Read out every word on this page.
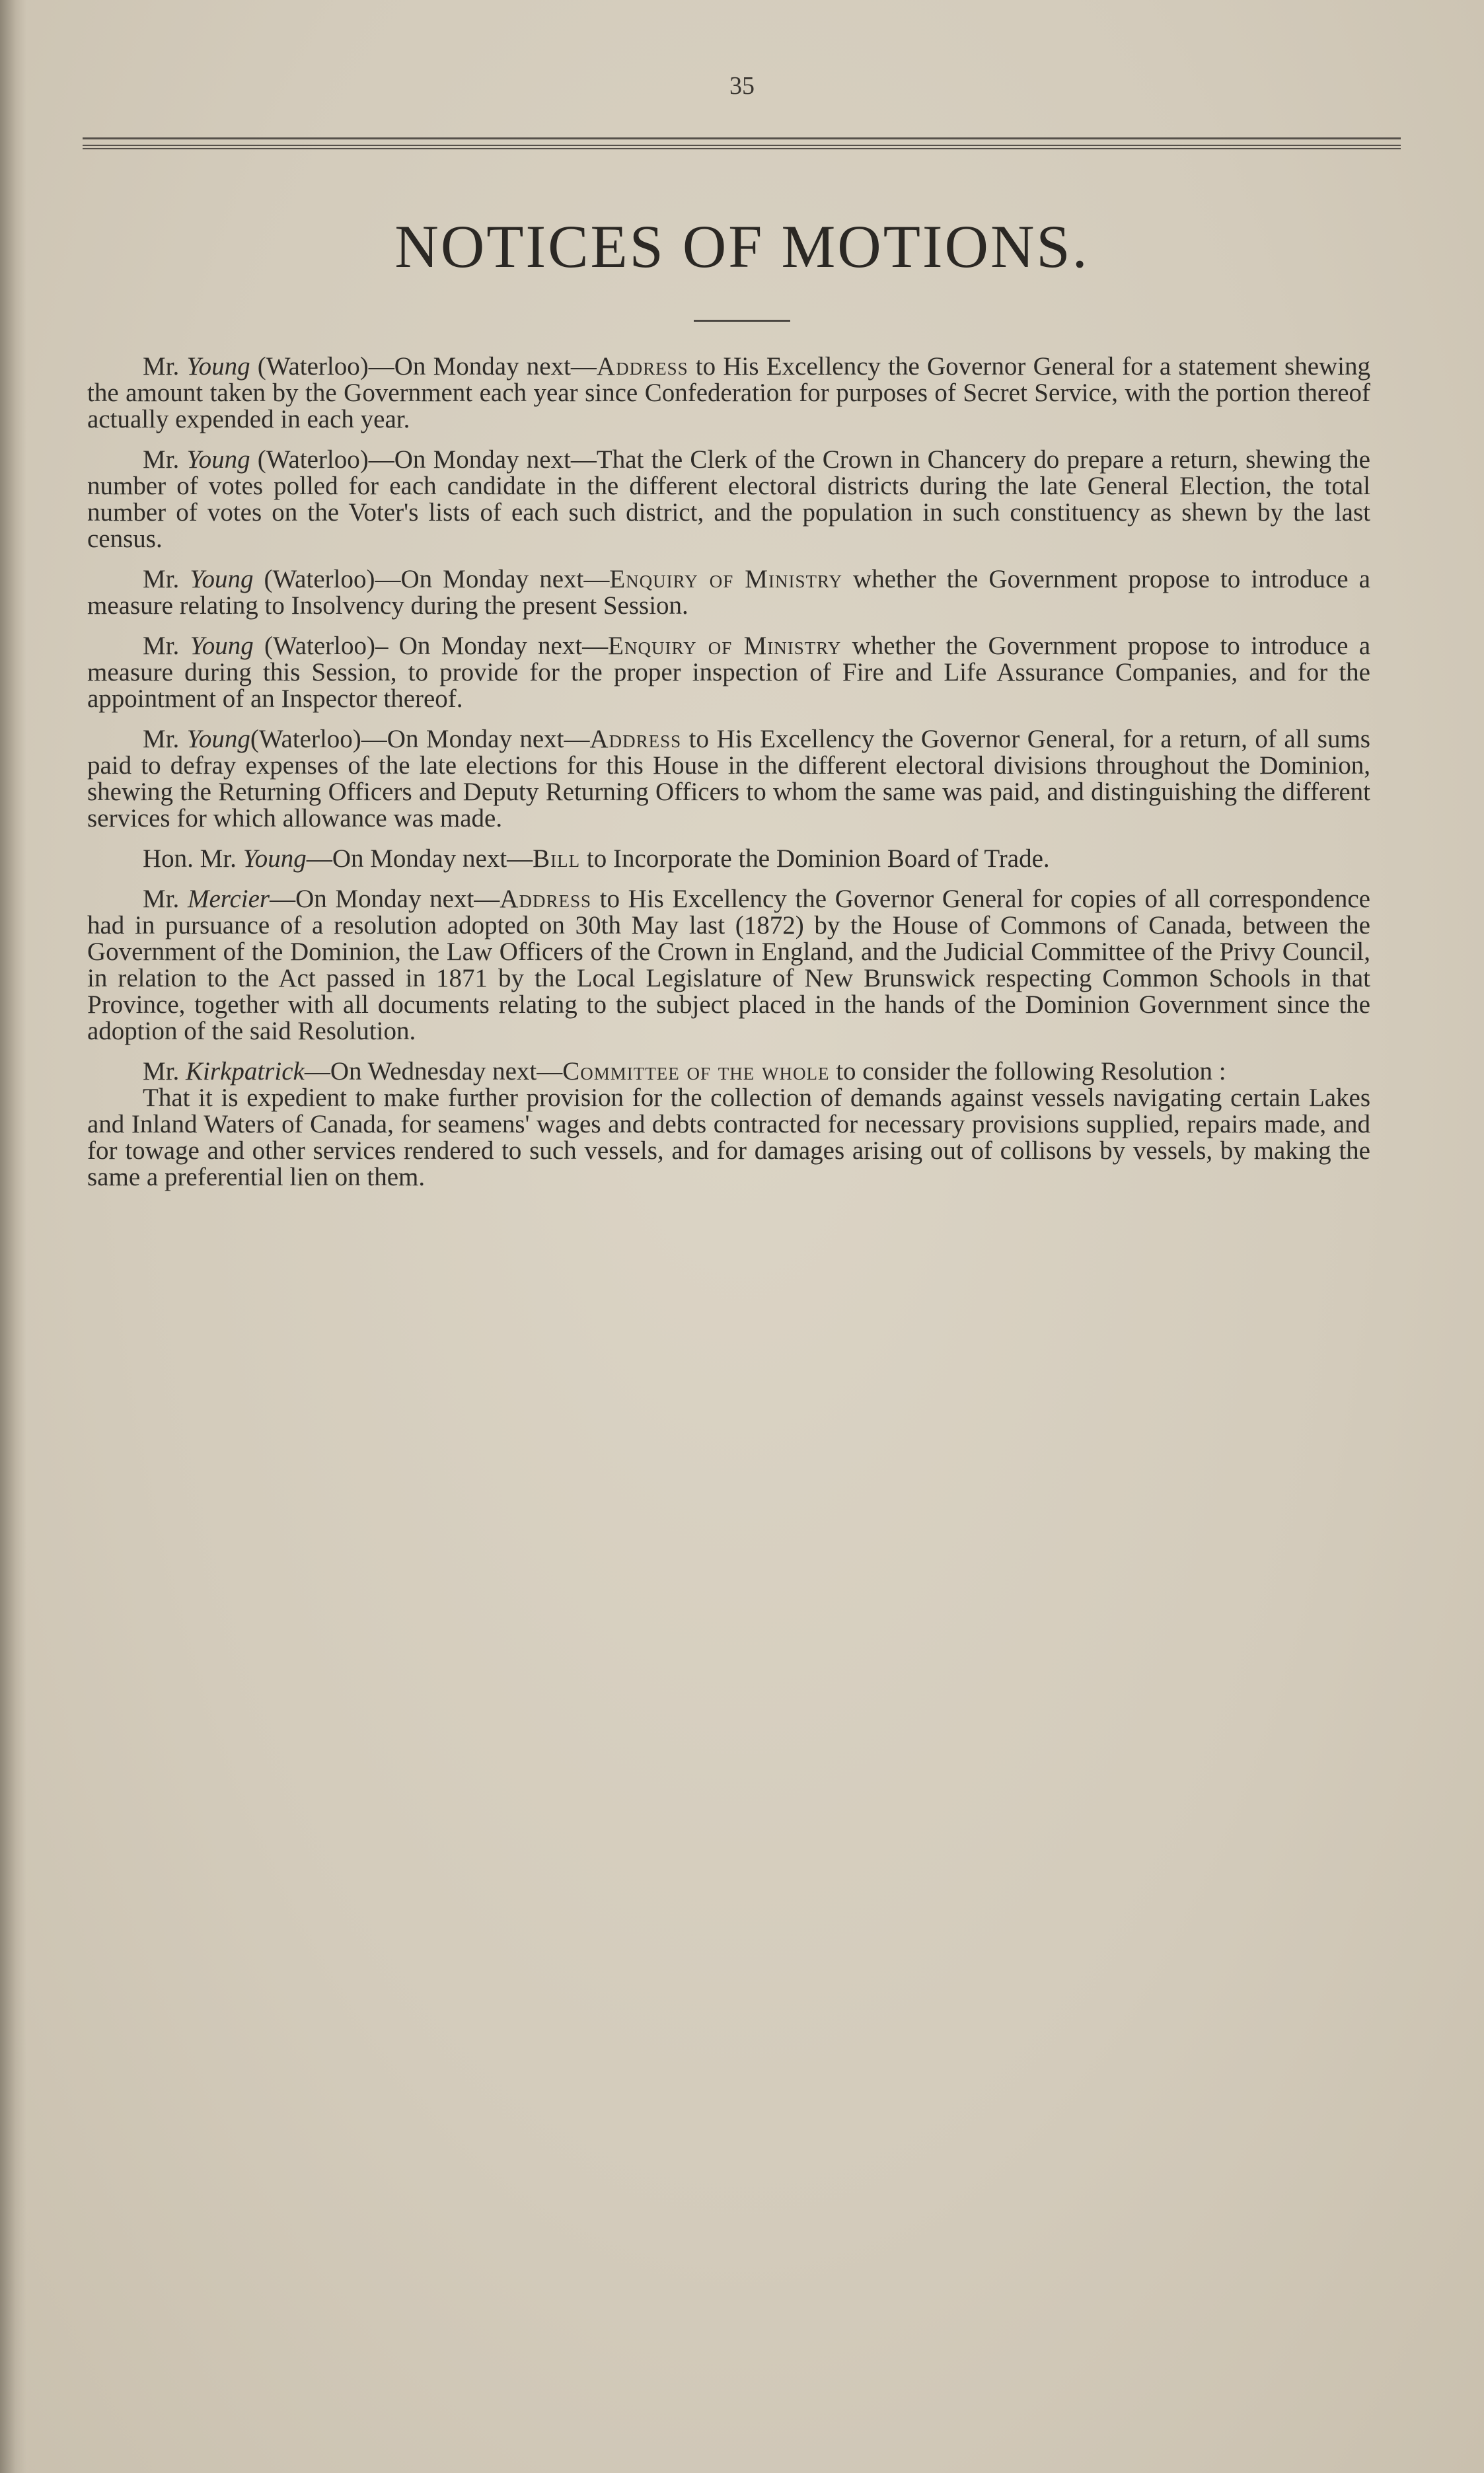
35
NOTICES OF MOTIONS.

Mr. Young (Waterloo)—On Monday next—Address to His Excellency the Governor General for a statement shewing the amount taken by the Government each year since Confederation for purposes of Secret Service, with the portion thereof actually expended in each year.

Mr. Young (Waterloo)—On Monday next—That the Clerk of the Crown in Chancery do prepare a return, shewing the number of votes polled for each candidate in the different electoral districts during the late General Election, the total number of votes on the Voter's lists of each such district, and the population in such constituency as shewn by the last census.

Mr. Young (Waterloo)—On Monday next—Enquiry of Ministry whether the Government propose to introduce a measure relating to Insolvency during the present Session.

Mr. Young (Waterloo)– On Monday next—Enquiry of Ministry whether the Government propose to introduce a measure during this Session, to provide for the proper inspection of Fire and Life Assurance Companies, and for the appointment of an Inspector thereof.

Mr. Young(Waterloo)—On Monday next—Address to His Excellency the Governor General, for a return, of all sums paid to defray expenses of the late elections for this House in the different electoral divisions throughout the Dominion, shewing the Returning Officers and Deputy Returning Officers to whom the same was paid, and distinguishing the different services for which allowance was made.

Hon. Mr. Young—On Monday next—Bill to Incorporate the Dominion Board of Trade.

Mr. Mercier—On Monday next—Address to His Excellency the Governor General for copies of all correspondence had in pursuance of a resolution adopted on 30th May last (1872) by the House of Commons of Canada, between the Government of the Dominion, the Law Officers of the Crown in England, and the Judicial Committee of the Privy Council, in relation to the Act passed in 1871 by the Local Legislature of New Brunswick respecting Common Schools in that Province, together with all documents relating to the subject placed in the hands of the Dominion Government since the adoption of the said Resolution.

Mr. Kirkpatrick—On Wednesday next—Committee of the whole to consider the following Resolution :

That it is expedient to make further provision for the collection of demands against vessels navigating certain Lakes and Inland Waters of Canada, for seamens' wages and debts contracted for necessary provisions supplied, repairs made, and for towage and other services rendered to such vessels, and for damages arising out of collisons by vessels, by making the same a preferential lien on them.
